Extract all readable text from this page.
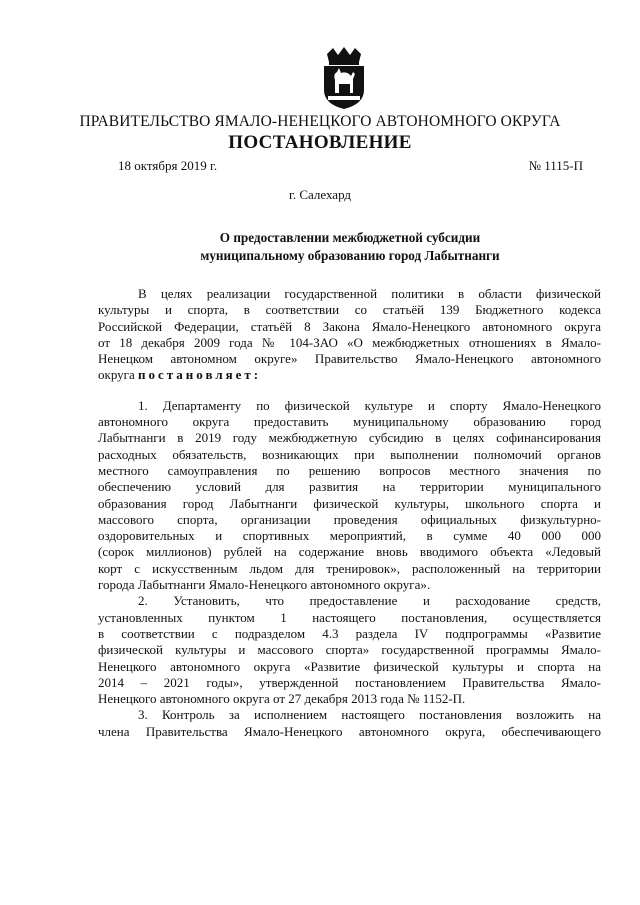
ПРАВИТЕЛЬСТВО ЯМАЛО-НЕНЕЦКОГО АВТОНОМНОГО ОКРУГА
ПОСТАНОВЛЕНИЕ
18 октября 2019 г.	№ 1115-П
г. Салехард
О предоставлении межбюджетной субсидии
муниципальному образованию город Лабытнанги

В целях реализации государственной политики в области физической

культуры и спорта, в соответствии со статьёй 139 Бюджетного кодекса

Российской Федерации, статьёй 8 Закона Ямало-Ненецкого автономного округа

от 18 декабря 2009 года № 104-ЗАО «О межбюджетных отношениях в Ямало-

Ненецком автономном округе» Правительство Ямало-Ненецкого автономного

округа постановляет:

1. Департаменту по физической культуре и спорту Ямало-Ненецкого

автономного округа предоставить муниципальному образованию город

Лабытнанги в 2019 году межбюджетную субсидию в целях софинансирования

расходных обязательств, возникающих при выполнении полномочий органов

местного самоуправления по решению вопросов местного значения по

обеспечению условий для развития на территории муниципального

образования город Лабытнанги физической культуры, школьного спорта и

массового спорта, организации проведения официальных физкультурно-

оздоровительных и спортивных мероприятий, в сумме 40 000 000

(сорок миллионов) рублей на содержание вновь вводимого объекта «Ледовый

корт с искусственным льдом для тренировок», расположенный на территории

города Лабытнанги Ямало-Ненецкого автономного округа».

2. Установить, что предоставление и расходование средств,

установленных пунктом 1 настоящего постановления, осуществляется

в соответствии с подразделом 4.3 раздела IV подпрограммы «Развитие

физической культуры и массового спорта» государственной программы Ямало-

Ненецкого автономного округа «Развитие физической культуры и спорта на

2014 – 2021 годы», утвержденной постановлением Правительства Ямало-

Ненецкого автономного округа от 27 декабря 2013 года № 1152-П.

3. Контроль за исполнением настоящего постановления возложить на

члена Правительства Ямало-Ненецкого автономного округа, обеспечивающего
